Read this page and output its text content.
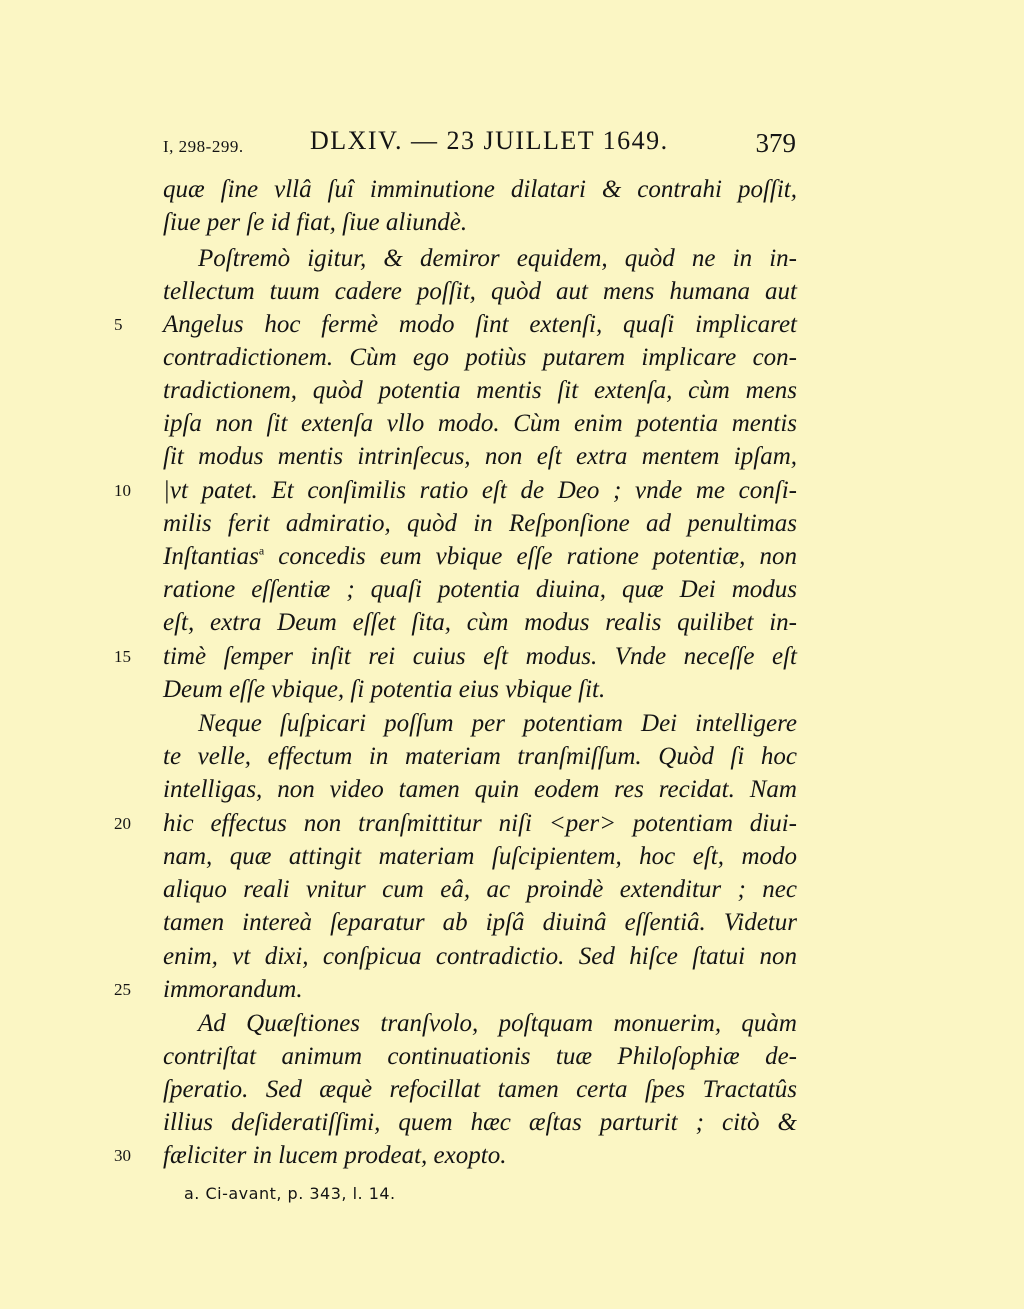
I, 298-299.	DLXIV. — 23 JUILLET 1649.	379
quæ ſine vllâ ſuî imminutione dilatari & contrahi poſſit,
ſiue per ſe id fiat, ſiue aliundè.
Poſtremò igitur, & demiror equidem, quòd ne in in-
tellectum tuum cadere poſſit, quòd aut mens humana aut
Angelus hoc fermè modo ſint extenſi, quaſi implicaret
contradictionem. Cùm ego potiùs putarem implicare con-
tradictionem, quòd potentia mentis ſit extenſa, cùm mens
ipſa non ſit extenſa vllo modo. Cùm enim potentia mentis
ſit modus mentis intrinſecus, non eſt extra mentem ipſam,
|vt patet. Et conſimilis ratio eſt de Deo ; vnde me conſi-
milis ferit admiratio, quòd in Reſponſione ad penultimas
Inſtantias$^a$ concedis eum vbique eſſe ratione potentiæ, non
ratione eſſentiæ ; quaſi potentia diuina, quæ Dei modus
eſt, extra Deum eſſet ſita, cùm modus realis quilibet in-
timè ſemper inſit rei cuius eſt modus. Vnde neceſſe eſt
Deum eſſe vbique, ſi potentia eius vbique ſit.
Neque ſuſpicari poſſum per potentiam Dei intelligere
te velle, effectum in materiam tranſmiſſum. Quòd ſi hoc
intelligas, non video tamen quin eodem res recidat. Nam
hic effectus non tranſmittitur niſi <per> potentiam diui-
nam, quæ attingit materiam ſuſcipientem, hoc eſt, modo
aliquo reali vnitur cum eâ, ac proindè extenditur ; nec
tamen intereà ſeparatur ab ipſâ diuinâ eſſentiâ. Videtur
enim, vt dixi, conſpicua contradictio. Sed hiſce ſtatui non
immorandum.
Ad Quæſtiones tranſvolo, poſtquam monuerim, quàm
contriſtat animum continuationis tuæ Philoſophiæ de-
ſperatio. Sed æquè refocillat tamen certa ſpes Tractatûs
illius deſideratiſſimi, quem hæc æſtas parturit ; citò &
fæliciter in lucem prodeat, exopto.
5
10
15
20
25
30
a. Ci-avant, p. 343, l. 14.
